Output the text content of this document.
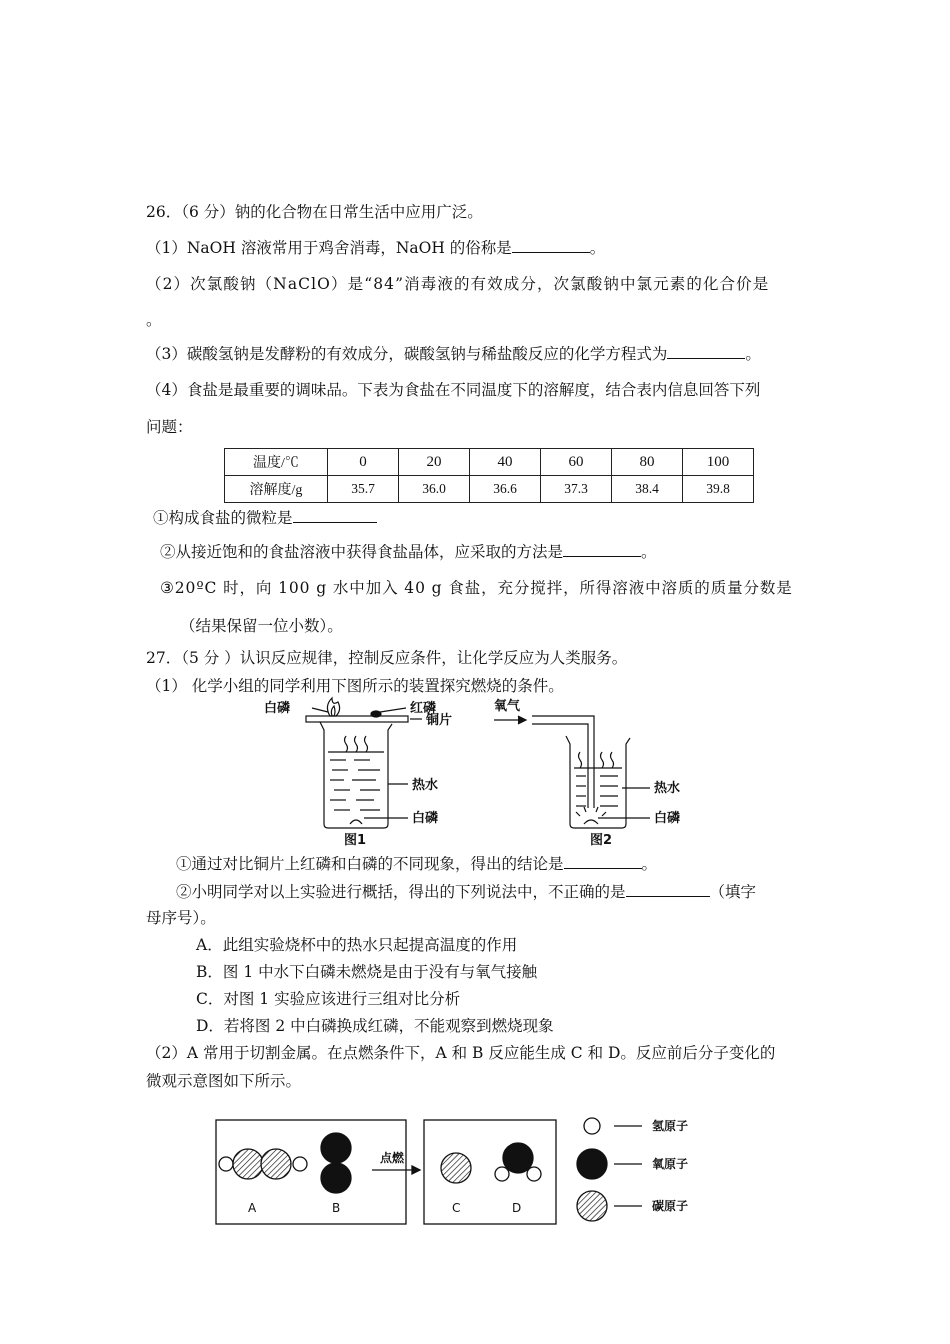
26．（6 分）钠的化合物在日常生活中应用广泛。
（1）NaOH 溶液常用于鸡舍消毒，NaOH 的俗称是	。
（2）次氯酸钠（NaClO）是“84”消毒液的有效成分，次氯酸钠中氯元素的化合价是
。
（3）碳酸氢钠是发酵粉的有效成分，碳酸氢钠与稀盐酸反应的化学方程式为	。
（4）食盐是最重要的调味品。下表为食盐在不同温度下的溶解度，结合表内信息回答下列
问题：
温度/℃	0	20	40	60	80	100
溶解度/g	35.7	36.0	36.6	37.3	38.4	39.8
①构成食盐的微粒是
②从接近饱和的食盐溶液中获得食盐晶体，应采取的方法是	。
③20ºC 时，向 100 g 水中加入 40 g 食盐，充分搅拌，所得溶液中溶质的质量分数是
（结果保留一位小数）。
27．（5 分 ）认识反应规律，控制反应条件，让化学反应为人类服务。
（1） 化学小组的同学利用下图所示的装置探究燃烧的条件。
白磷	红磷
铜片
热水
白磷
图1
氧气
热水
白磷
图2
①通过对比铜片上红磷和白磷的不同现象，得出的结论是	。
②小明同学对以上实验进行概括，得出的下列说法中，不正确的是	（填字
母序号）。
A．此组实验烧杯中的热水只起提高温度的作用
B．图 1 中水下白磷未燃烧是由于没有与氧气接触
C．对图 1 实验应该进行三组对比分析
D．若将图 2 中白磷换成红磷，不能观察到燃烧现象
（2）A 常用于切割金属。在点燃条件下，A 和 B 反应能生成 C 和 D。反应前后分子变化的
微观示意图如下所示。
点燃
A	B	C	D
氢原子
氧原子
碳原子
